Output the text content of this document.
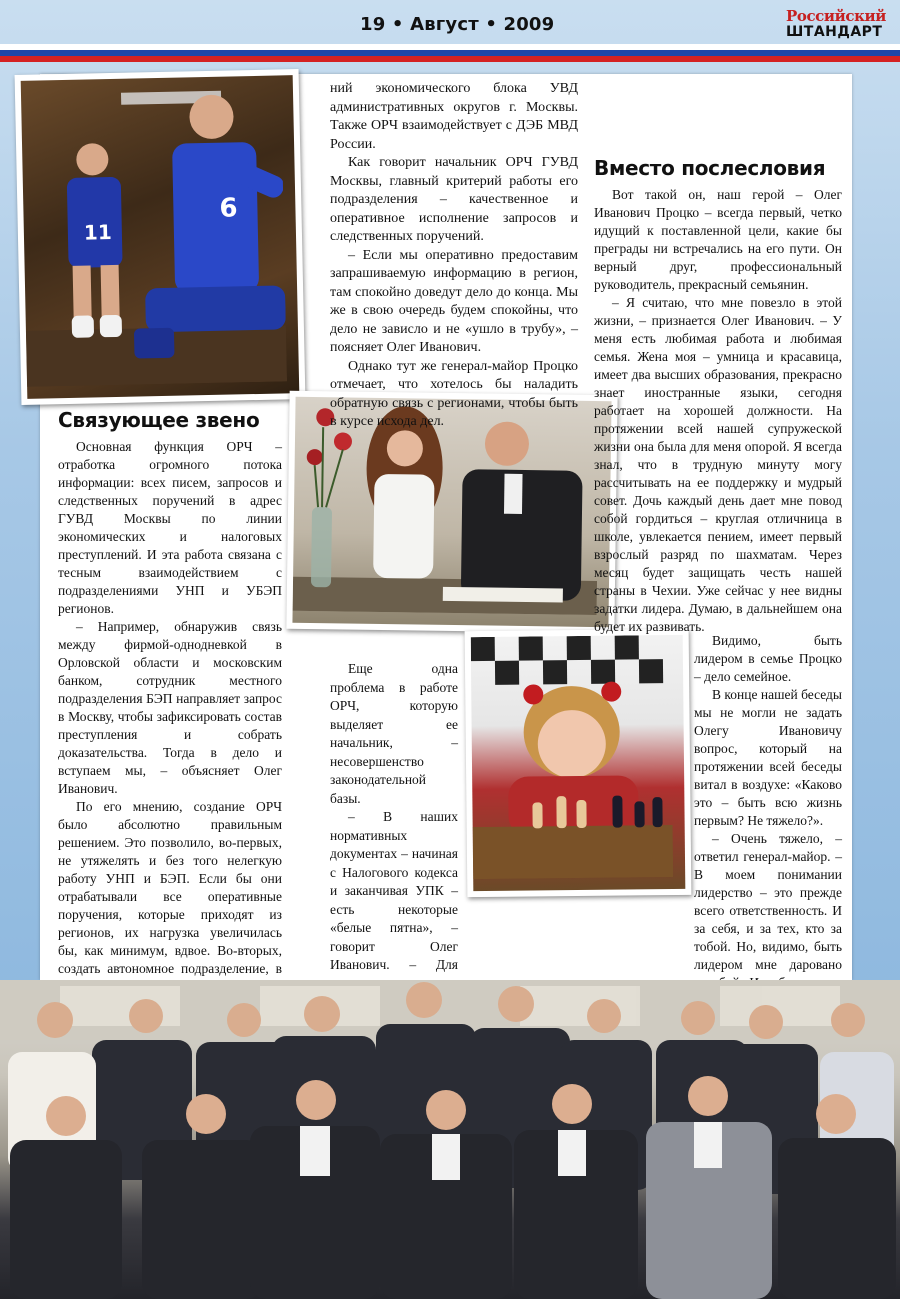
19 • Август • 2009	Российский
ШТАНДАРТ
11
6

ний экономического блока УВД административных округов г. Москвы. Также ОРЧ взаимодействует с ДЭБ МВД России.

Как говорит начальник ОРЧ ГУВД Москвы, главный критерий работы его подразделения – качественное и оперативное исполнение запросов и следственных поручений.

– Если мы оперативно предоставим запрашиваемую информацию в регион, там спокойно доведут дело до конца. Мы же в свою очередь будем спокойны, что дело не зависло и не «ушло в трубу», – поясняет Олег Иванович.

Однако тут же генерал-майор Процко отмечает, что хотелось бы наладить обратную связь с регионами, чтобы быть в курсе исхода дел.

Еще одна проблема в работе ОРЧ, которую выделяет ее начальник, – несовершенство законодательной базы.

– В наших нормативных документах – начиная с Налогового кодекса и заканчивая УПК – есть некоторые «белые пятна», – говорит Олег Иванович. – Для

Связующее звено

Основная функция ОРЧ – отработка огромного потока информации: всех писем, запросов и следственных поручений в адрес ГУВД Москвы по линии экономических и налоговых преступлений. И эта работа связана с тесным взаимодействием с подразделениями УНП и УБЭП регионов.

– Например, обнаружив связь между фирмой-однодневкой в Орловской области и московским банком, сотрудник местного подразделения БЭП направляет запрос в Москву, чтобы зафиксировать состав преступления и собрать доказательства. Тогда в дело и вступаем мы, – объясняет Олег Иванович.

По его мнению, создание ОРЧ было абсолютно правильным решением. Это позволило, во-первых, не утяжелять и без того нелегкую работу УНП и БЭП. Если бы они отрабатывали все оперативные поручения, которые приходят из регионов, их нагрузка увеличилась бы, как минимум, вдвое. Во-вторых, создать автономное подразделение, в

Вместо послесловия

Вот такой он, наш герой – Олег Иванович Процко – всегда первый, четко идущий к поставленной цели, какие бы преграды ни встречались на его пути. Он верный друг, профессиональный руководитель, прекрасный семьянин.

– Я считаю, что мне повезло в этой жизни, – признается Олег Иванович. – У меня есть любимая работа и любимая семья. Жена моя – умница и красавица, имеет два высших образования, прекрасно знает иностранные языки, сегодня работает на хорошей должности. На протяжении всей нашей супружеской жизни она была для меня опорой. Я всегда знал, что в трудную минуту могу рассчитывать на ее поддержку и мудрый совет. Дочь каждый день дает мне повод собой гордиться – круглая отличница в школе, увлекается пением, имеет первый взрослый разряд по шахматам. Через месяц будет защищать честь нашей страны в Чехии. Уже сейчас у нее видны задатки лидера. Думаю, в дальнейшем она будет их развивать.

Видимо, быть лидером в семье Процко – дело семейное.

В конце нашей беседы мы не могли не задать Олегу Ивановичу вопрос, который на протяжении всей беседы витал в воздухе: «Каково это – быть всю жизнь первым? Не тяжело?».

– Очень тяжело, – ответил генерал-майор. – В моем понимании лидерство – это прежде всего ответственность. И за себя, и за тех, кто за тобой. Но, видимо, быть лидером мне даровано
